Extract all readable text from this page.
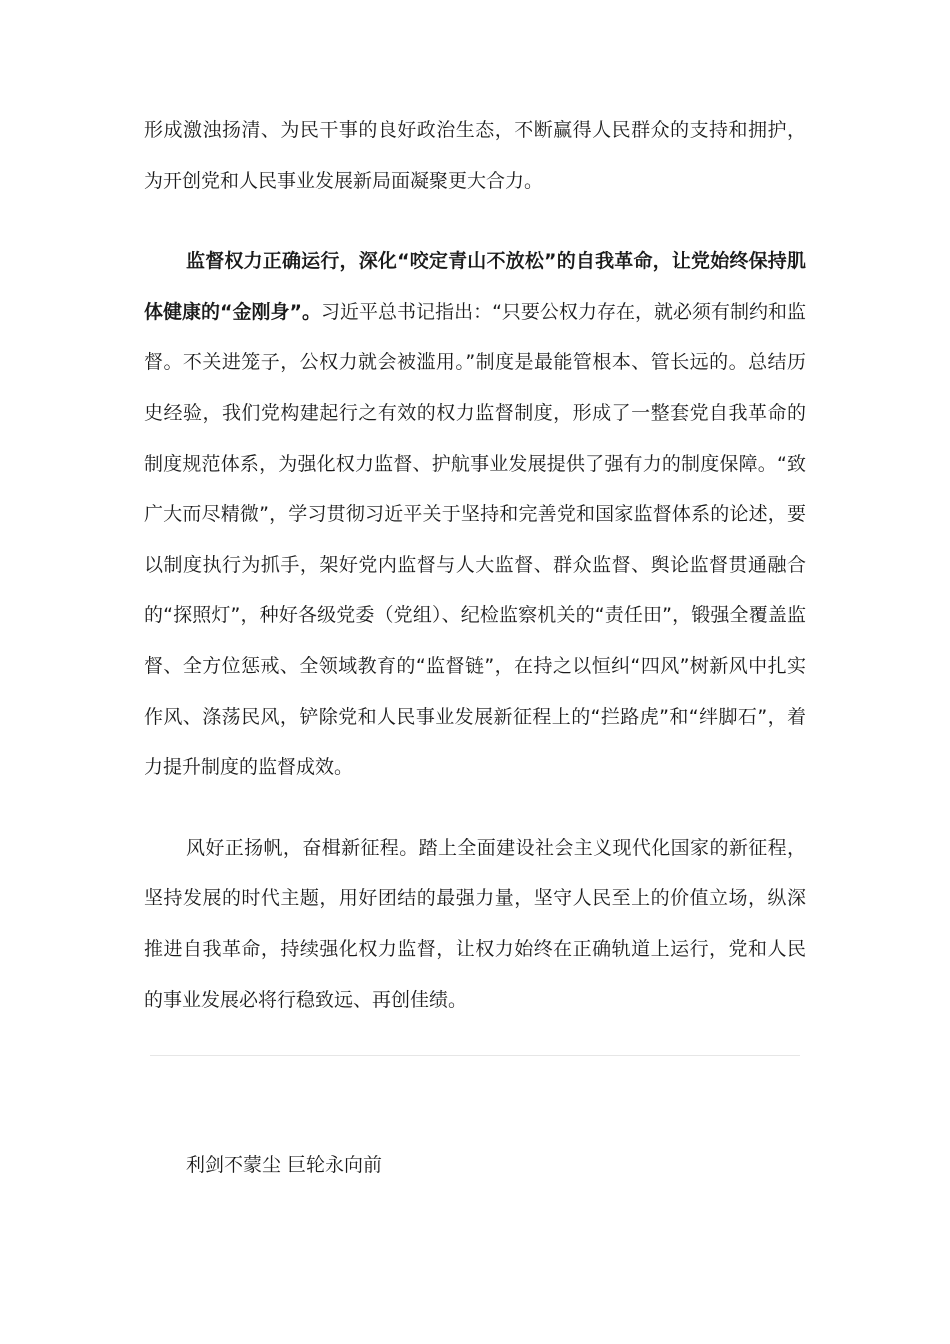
形成激浊扬清、为民干事的良好政治生态，不断赢得人民群众的支持和拥护，为开创党和人民事业发展新局面凝聚更大合力。

监督权力正确运行，深化“咬定青山不放松”的自我革命，让党始终保持肌体健康的“金刚身”。习近平总书记指出：“只要公权力存在，就必须有制约和监督。不关进笼子，公权力就会被滥用。”制度是最能管根本、管长远的。总结历史经验，我们党构建起行之有效的权力监督制度，形成了一整套党自我革命的制度规范体系，为强化权力监督、护航事业发展提供了强有力的制度保障。“致广大而尽精微”，学习贯彻习近平关于坚持和完善党和国家监督体系的论述，要以制度执行为抓手，架好党内监督与人大监督、群众监督、舆论监督贯通融合的“探照灯”，种好各级党委（党组）、纪检监察机关的“责任田”，锻强全覆盖监督、全方位惩戒、全领域教育的“监督链”，在持之以恒纠“四风”树新风中扎实作风、涤荡民风，铲除党和人民事业发展新征程上的“拦路虎”和“绊脚石”，着力提升制度的监督成效。

风好正扬帆，奋楫新征程。踏上全面建设社会主义现代化国家的新征程，坚持发展的时代主题，用好团结的最强力量，坚守人民至上的价值立场，纵深推进自我革命，持续强化权力监督，让权力始终在正确轨道上运行，党和人民的事业发展必将行稳致远、再创佳绩。

利剑不蒙尘 巨轮永向前
